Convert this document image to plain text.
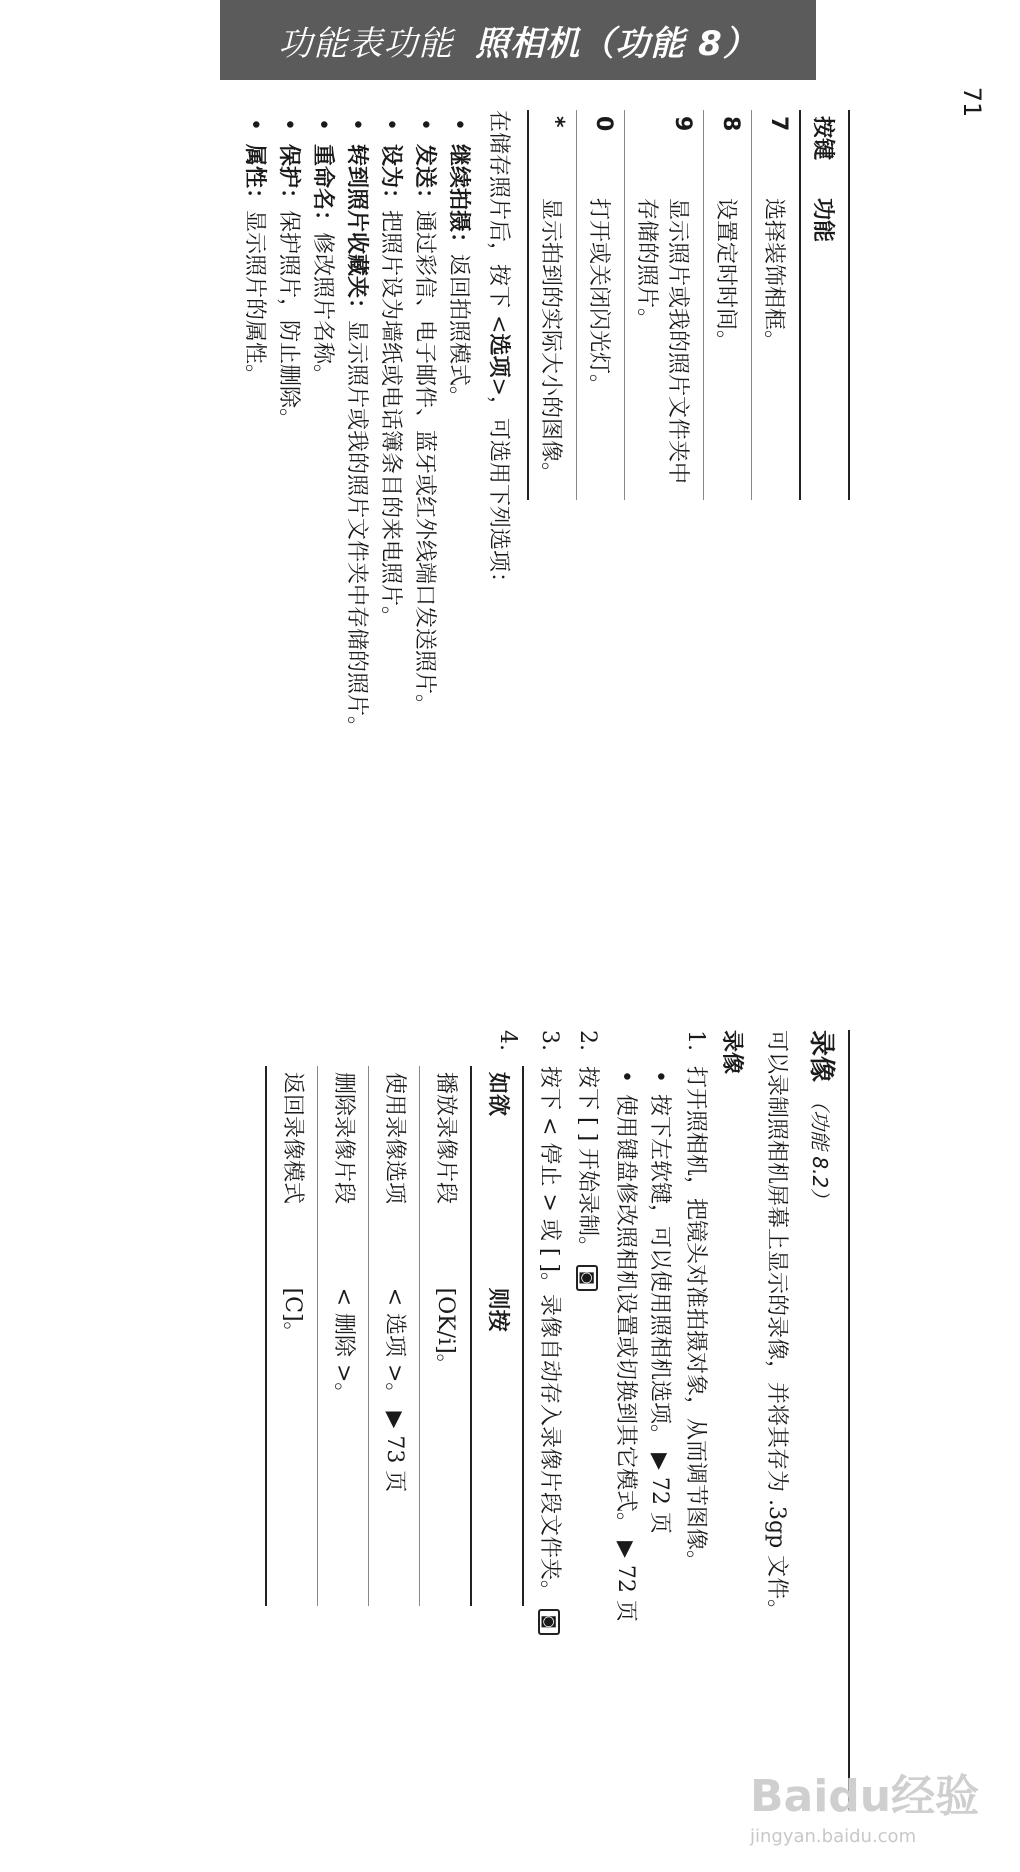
功能表功能 照相机（功能 8）
71
按键	功能
7	选择装饰相框。
8	设置定时时间。
9	显示照片或我的照片文件夹中存储的照片。
0	打开或关闭闪光灯。
*	显示拍到的实际大小的图像。

在储存照片后，按下 <选项>，可选用下列选项：

• 继续拍摄：返回拍照模式。
• 发送：通过彩信、电子邮件、蓝牙或红外线端口发送照片。
• 设为：把照片设为墙纸或电话簿条目的来电照片。
• 转到照片收藏夹：显示照片或我的照片文件夹中存储的照片。
• 重命名：修改照片名称。
• 保护：保护照片，防止删除。
• 属性：显示照片的属性。
录像（功能 8.2）

可以录制照相机屏幕上显示的录像，并将其存为 .3gp 文件。

录像
1.
打开照相机，把镜头对准拍摄对象，从而调节图像。
• 按下左软键，可以使用照相机选项。 ▶ 72 页
• 使用键盘修改照相机设置或切换到其它模式。 ▶ 72 页
2.
按下 [ ] 开始录制。 ◙
3.
按下 < 停止 > 或 [ ]。录像自动存入录像片段文件夹。 ◙
4.
如欲	则按
播放录像片段	[OK/i]。
使用录像选项	< 选项 >。 ▶ 73 页
删除录像片段	< 删除 >。
返回录像模式	[C]。
Baidu经验
jingyan.baidu.com
